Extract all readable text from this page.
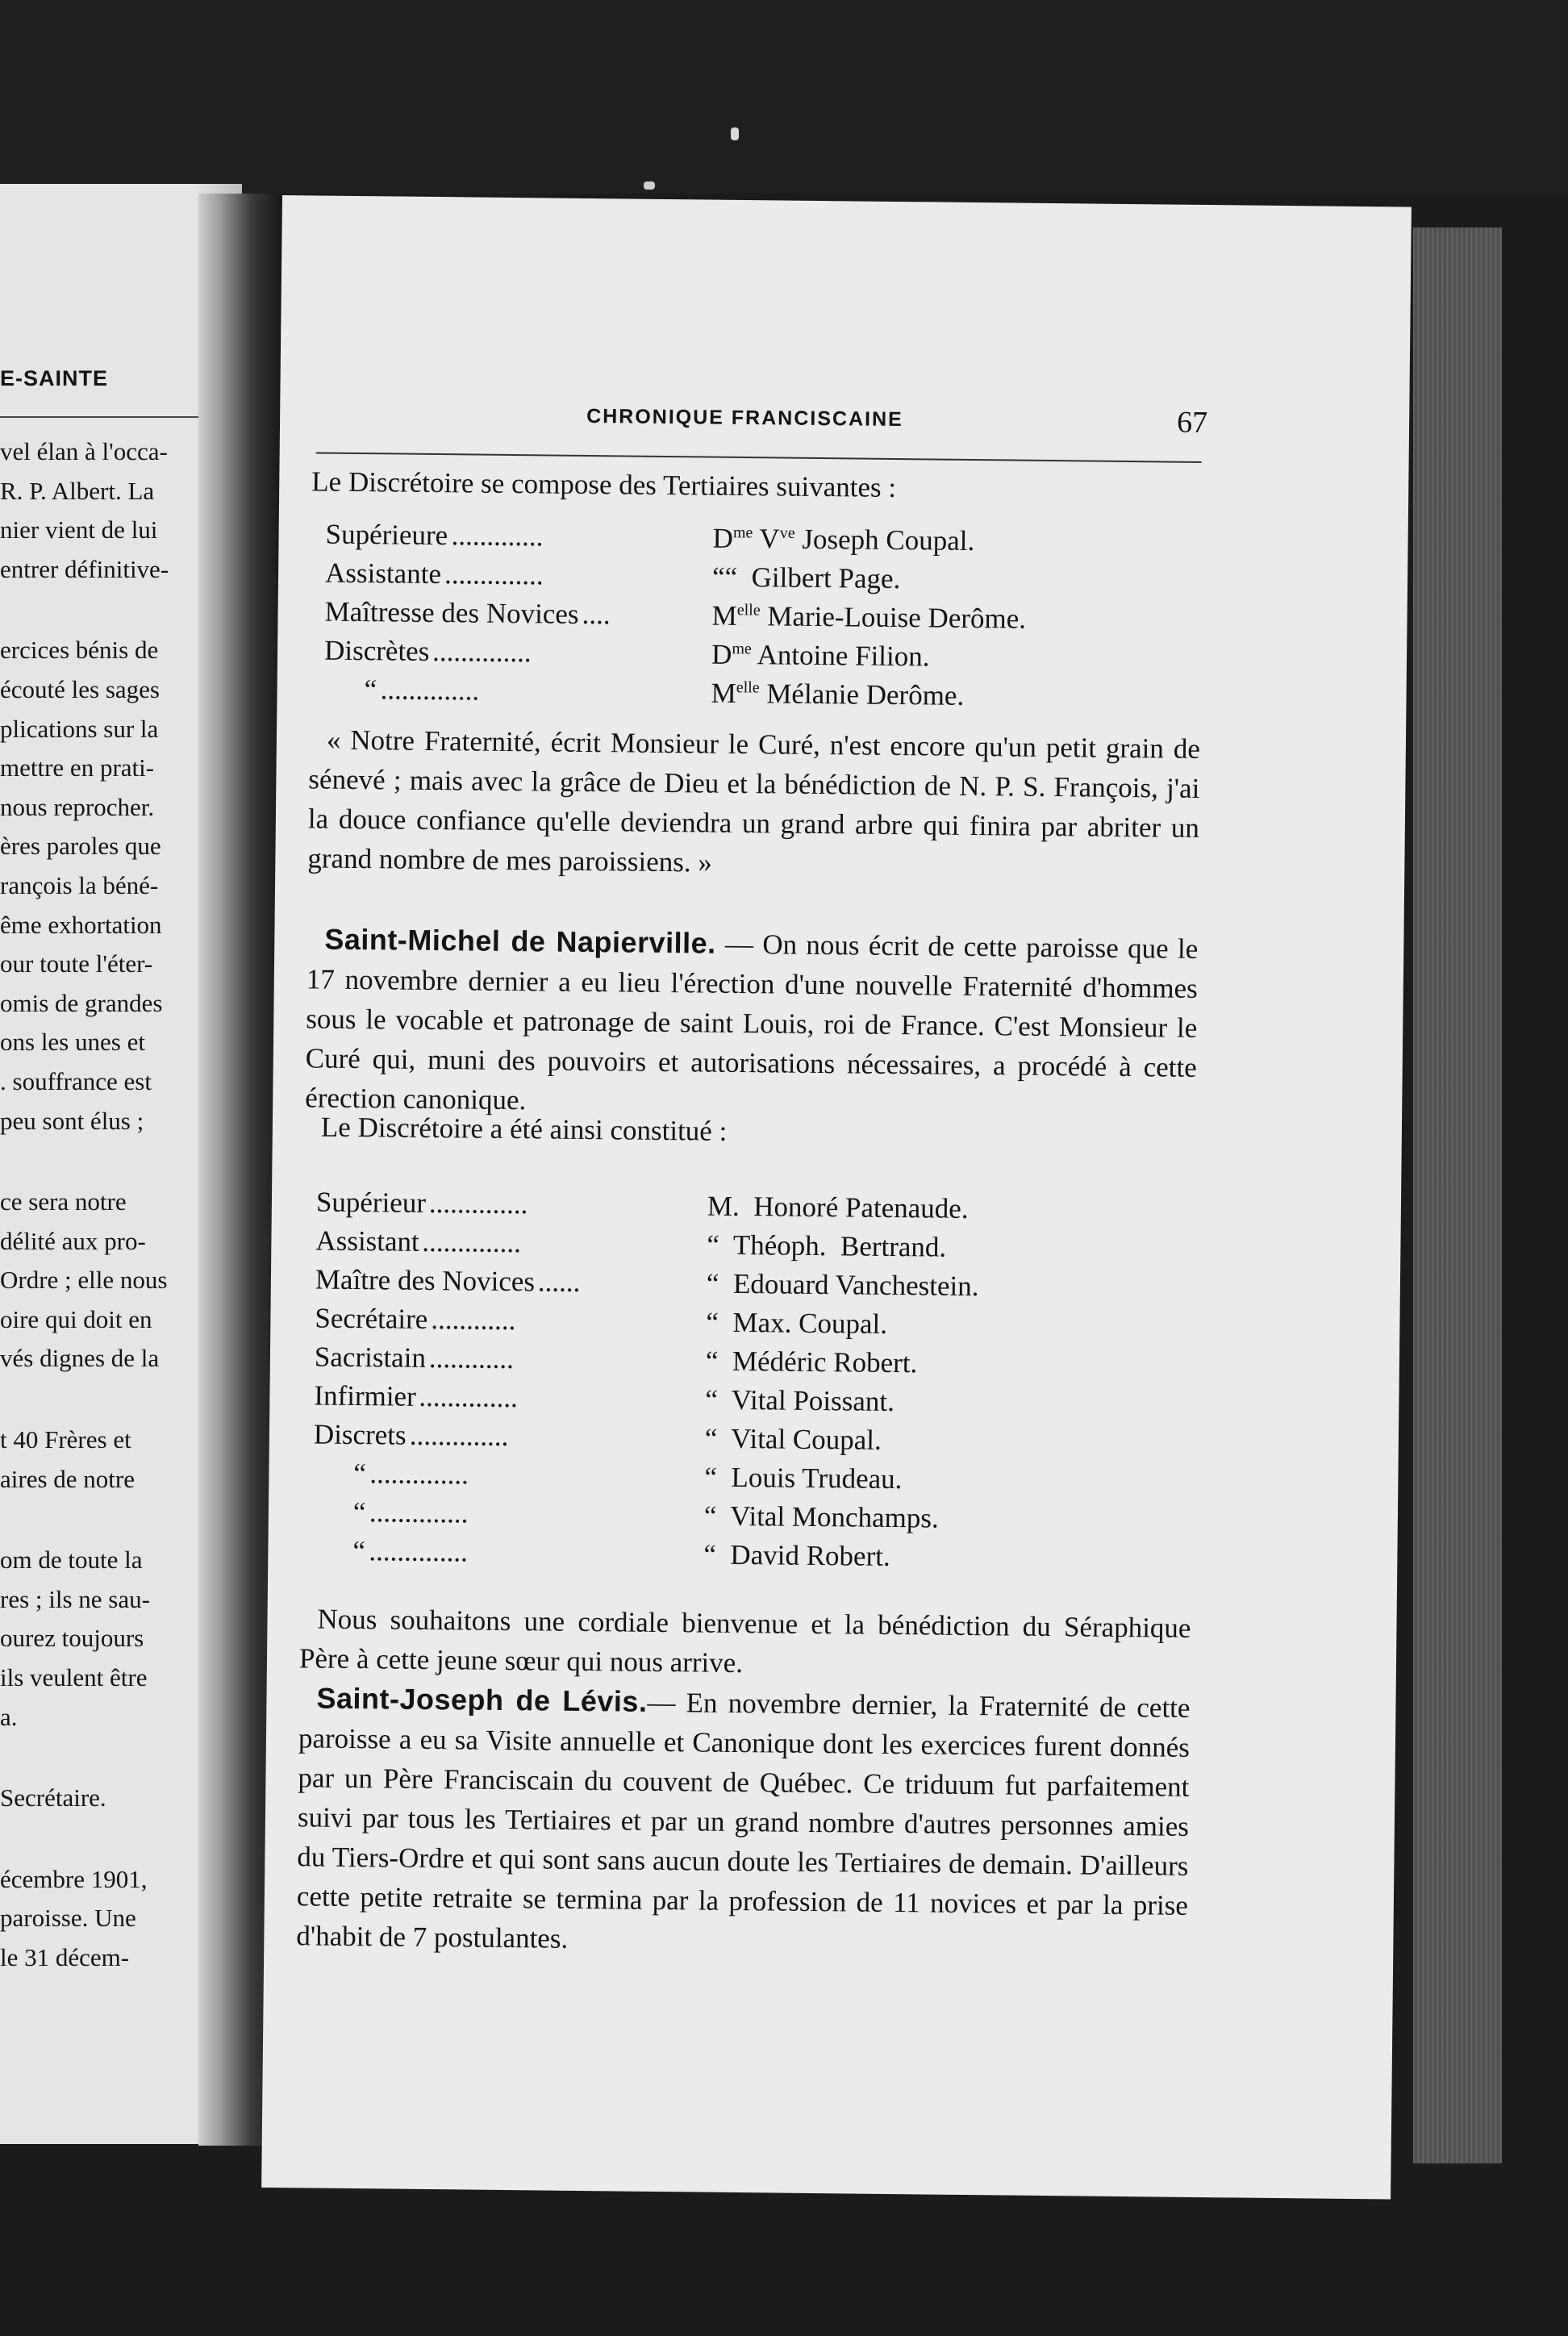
E-SAINTE
vel élan à l'occa-
R. P. Albert. La
nier vient de lui
entrer définitive-
ercices bénis de
écouté les sages
plications sur la
mettre en prati-
nous reprocher.
ères paroles que
rançois la béné-
ême exhortation
our toute l'éter-
omis de grandes
ons les unes et
. souffrance est
peu sont élus ;
ce sera notre
délité aux pro-
Ordre ; elle nous
oire qui doit en
vés dignes de la
t 40 Frères et
aires de notre
om de toute la
res ; ils ne sau-
ourez toujours
ils veulent être
a.
Secrétaire.
écembre 1901,
paroisse. Une
le 31 décem-
CHRONIQUE FRANCISCAINE	67
Le Discrétoire se compose des Tertiaires suivantes :
Supérieure .............	$D^{me}$ $V^{ve}$ Joseph Coupal.
Assistante ..............	““  Gilbert Page.
Maîtresse des Novices ....	$M^{elle}$ Marie-Louise Derôme.
Discrètes ..............	$D^{me}$ Antoine Filion.
“ ..............	$M^{elle}$ Mélanie Derôme.
« Notre Fraternité, écrit Monsieur le Curé, n'est encore qu'un petit grain de sénevé ; mais avec la grâce de Dieu et la bénédiction de N. P. S. François, j'ai la douce confiance qu'elle deviendra un grand arbre qui finira par abriter un grand nombre de mes paroissiens. »
Saint-Michel de Napierville. — On nous écrit de cette paroisse que le 17 novembre dernier a eu lieu l'érection d'une nouvelle Fraternité d'hommes sous le vocable et patronage de saint Louis, roi de France. C'est Monsieur le Curé qui, muni des pouvoirs et autorisations nécessaires, a procédé à cette érection canonique.
Le Discrétoire a été ainsi constitué :
Supérieur ..............	M.  Honoré Patenaude.
Assistant ..............	“  Théoph.  Bertrand.
Maître des Novices ......	“  Edouard Vanchestein.
Secrétaire ............	“  Max. Coupal.
Sacristain ............	“  Médéric Robert.
Infirmier ..............	“  Vital Poissant.
Discrets ..............	“  Vital Coupal.
“ ..............	“  Louis Trudeau.
“ ..............	“  Vital Monchamps.
“ ..............	“  David Robert.
Nous souhaitons une cordiale bienvenue et la bénédiction du Séraphique Père à cette jeune sœur qui nous arrive.
Saint-Joseph de Lévis.— En novembre dernier, la Fraternité de cette paroisse a eu sa Visite annuelle et Canonique dont les exercices furent donnés par un Père Franciscain du couvent de Québec. Ce triduum fut parfaitement suivi par tous les Tertiaires et par un grand nombre d'autres personnes amies du Tiers-Ordre et qui sont sans aucun doute les Tertiaires de demain. D'ailleurs cette petite retraite se termina par la profession de 11 novices et par la prise d'habit de 7 postulantes.
